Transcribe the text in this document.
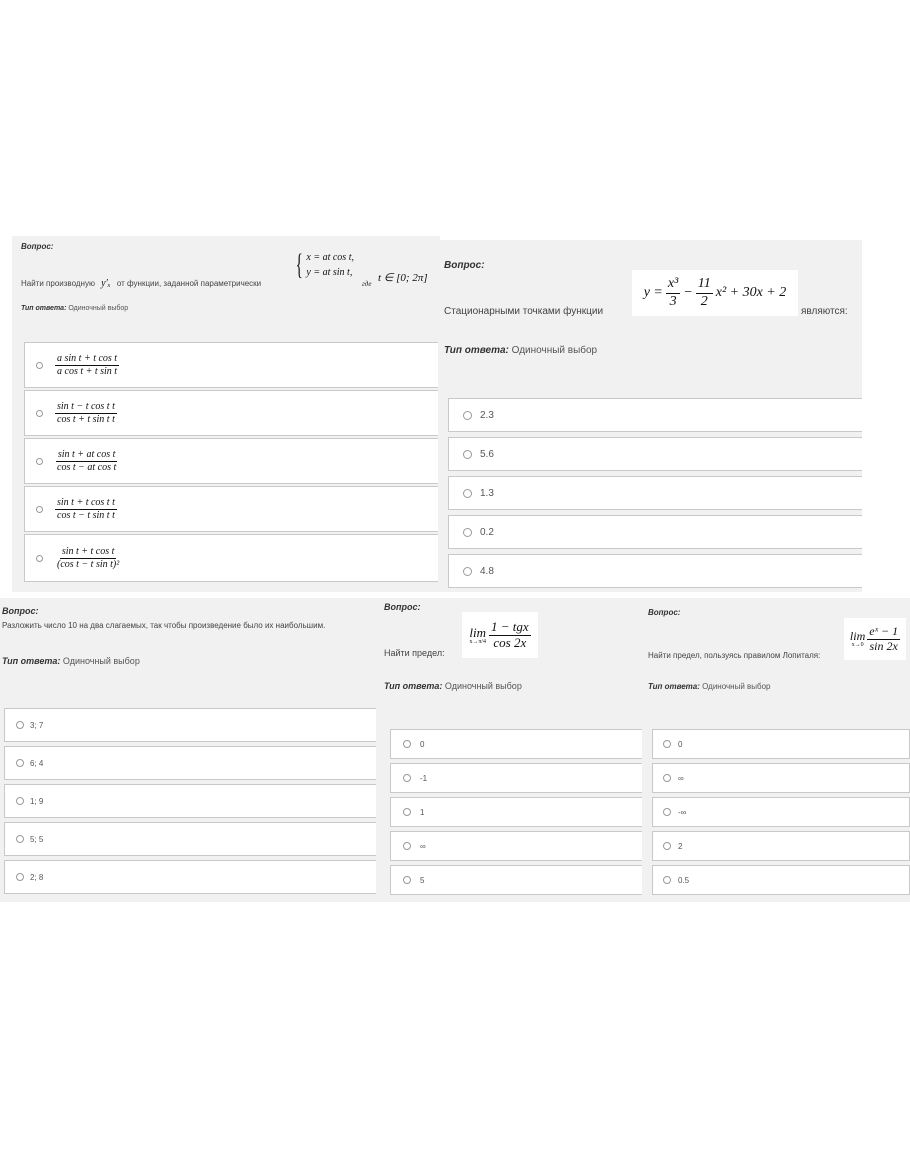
Вопрос:
Найти производную y′ₓ от функции, заданной параметрически
{ x = at cos t,
y = at sin t,
где t ∈ [0; 2π]
Тип ответа: Одиночный выбор
$\frac{\text{a sin t + t cos t}}{\text{a cos t + t sin t}}$
$\frac{\text{sin t − t cos t t}}{\text{cos t + t sin t t}}$
$\frac{\text{sin t + at cos t}}{\text{cos t − at cos t}}$
$\frac{\text{sin t + t cos t t}}{\text{cos t − t sin t t}}$
$\frac{\text{sin t + t cos t}}{\text{(cos t − t sin t)²}}$
Вопрос:
Стационарными точками функции
$y = \frac{\text{x³}}{3} - \frac{11}{2} x^2 + 30x + 2$
являются:
Тип ответа: Одиночный выбор
2.3
5.6
1.3
0.2
4.8
Вопрос:
Разложить число 10 на два слагаемых, так чтобы произведение было их наибольшим.
Тип ответа: Одиночный выбор
3; 7
6; 4
1; 9
5; 5
2; 8
Вопрос:
Найти предел:
lim
$x\to\pi/4 \frac{\text{1 − tgx}}{\cos 2x}$
Тип ответа: Одиночный выбор
0
-1
1
∞
5
Вопрос:
Найти предел, пользуясь правилом Лопиталя:
lim
$x\to 0 \frac{\text{eˣ − 1}}{\sin 2x}$
Тип ответа: Одиночный выбор
0
∞
-∞
2
0.5
